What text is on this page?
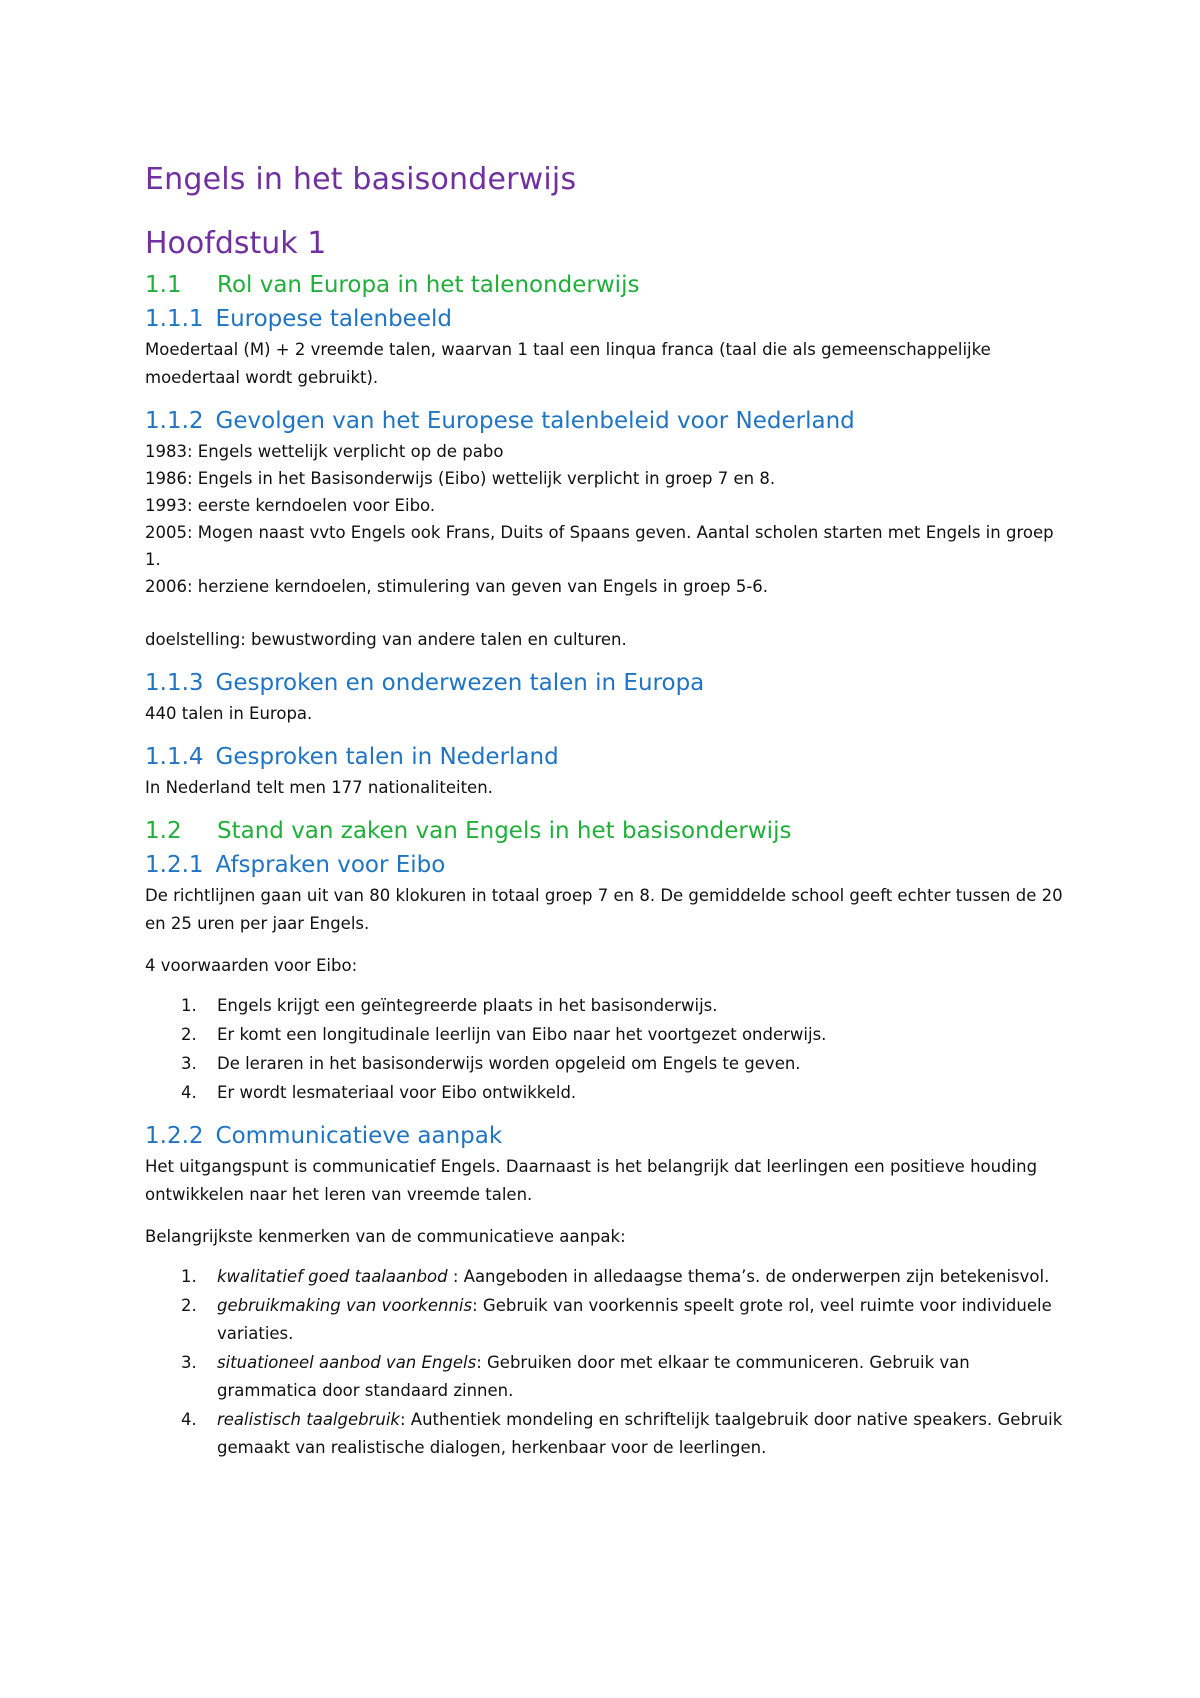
Engels in het basisonderwijs
Hoofdstuk 1
1.1	Rol van Europa in het talenonderwijs
1.1.1 Europese talenbeeld

Moedertaal (M) + 2 vreemde talen, waarvan 1 taal een linqua franca (taal die als gemeenschappelijke moedertaal wordt gebruikt).

1.1.2 Gevolgen van het Europese talenbeleid voor Nederland

1983: Engels wettelijk verplicht op de pabo

1986: Engels in het Basisonderwijs (Eibo) wettelijk verplicht in groep 7 en 8.

1993: eerste kerndoelen voor Eibo.

2005: Mogen naast vvto Engels ook Frans, Duits of Spaans geven. Aantal scholen starten met Engels in groep 1.

2006: herziene kerndoelen, stimulering van geven van Engels in groep 5-6.

doelstelling: bewustwording van andere talen en culturen.

1.1.3 Gesproken en onderwezen talen in Europa

440 talen in Europa.

1.1.4 Gesproken talen in Nederland

In Nederland telt men 177 nationaliteiten.

1.2	Stand van zaken van Engels in het basisonderwijs
1.2.1 Afspraken voor Eibo

De richtlijnen gaan uit van 80 klokuren in totaal groep 7 en 8. De gemiddelde school geeft echter tussen de 20 en 25 uren per jaar Engels.

4 voorwaarden voor Eibo:

1.	Engels krijgt een geïntegreerde plaats in het basisonderwijs.
2.	Er komt een longitudinale leerlijn van Eibo naar het voortgezet onderwijs.
3.	De leraren in het basisonderwijs worden opgeleid om Engels te geven.
4.	Er wordt lesmateriaal voor Eibo ontwikkeld.
1.2.2 Communicatieve aanpak

Het uitgangspunt is communicatief Engels. Daarnaast is het belangrijk dat leerlingen een positieve houding ontwikkelen naar het leren van vreemde talen.

Belangrijkste kenmerken van de communicatieve aanpak:

1.	kwalitatief goed taalaanbod : Aangeboden in alledaagse thema’s. de onderwerpen zijn betekenisvol.
2.	gebruikmaking van voorkennis: Gebruik van voorkennis speelt grote rol, veel ruimte voor individuele variaties.
3.	situationeel aanbod van Engels: Gebruiken door met elkaar te communiceren. Gebruik van grammatica door standaard zinnen.
4.	realistisch taalgebruik: Authentiek mondeling en schriftelijk taalgebruik door native speakers. Gebruik gemaakt van realistische dialogen, herkenbaar voor de leerlingen.
